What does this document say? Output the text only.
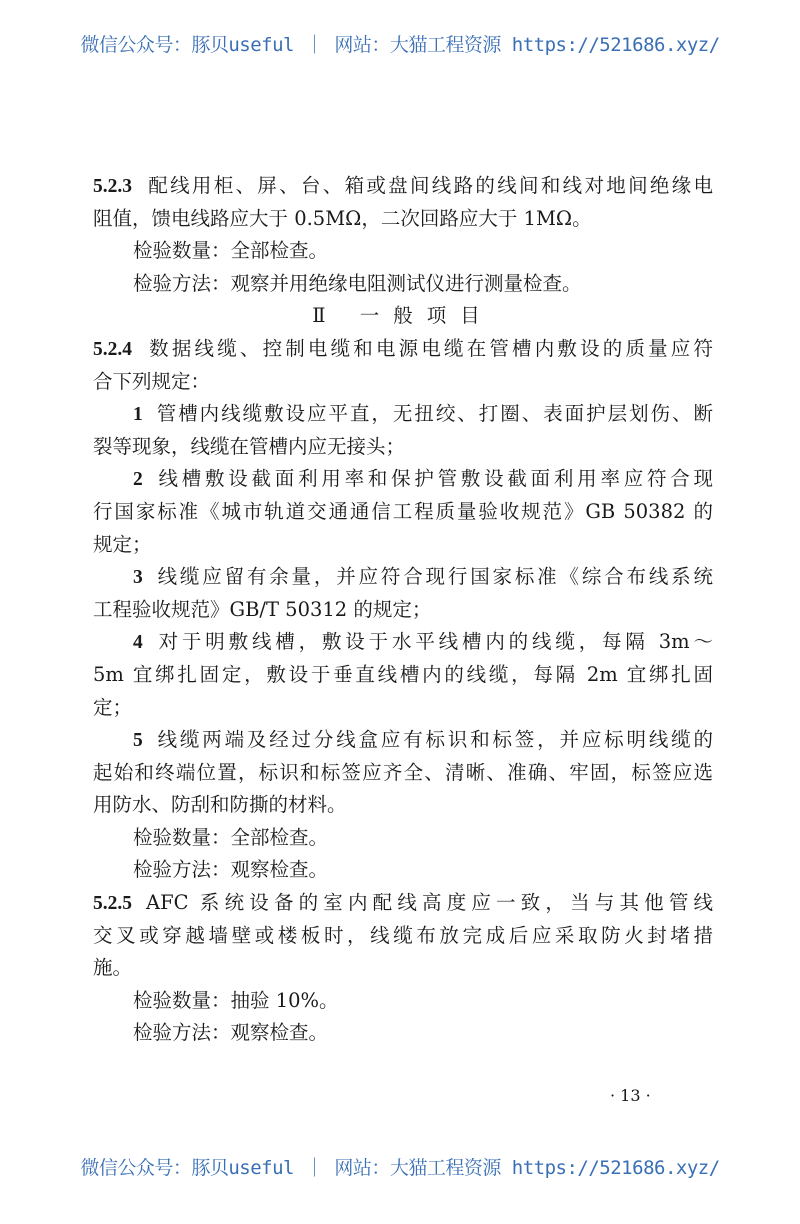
微信公众号：豚贝useful ｜ 网站：大猫工程资源 https://521686.xyz/
5.2.3 配线用柜、屏、台、箱或盘间线路的线间和线对地间绝缘电
阻值，馈电线路应大于 0.5MΩ，二次回路应大于 1MΩ。
检验数量：全部检查。
检验方法：观察并用绝缘电阻测试仪进行测量检查。
Ⅱ 一般项目
5.2.4 数据线缆、控制电缆和电源电缆在管槽内敷设的质量应符
合下列规定：
1 管槽内线缆敷设应平直，无扭绞、打圈、表面护层划伤、断
裂等现象，线缆在管槽内应无接头；
2 线槽敷设截面利用率和保护管敷设截面利用率应符合现
行国家标准《城市轨道交通通信工程质量验收规范》GB 50382 的
规定；
3 线缆应留有余量，并应符合现行国家标准《综合布线系统
工程验收规范》GB/T 50312 的规定；
4 对于明敷线槽，敷设于水平线槽内的线缆，每隔 3m～
5m 宜绑扎固定，敷设于垂直线槽内的线缆，每隔 2m 宜绑扎固
定；
5 线缆两端及经过分线盒应有标识和标签，并应标明线缆的
起始和终端位置，标识和标签应齐全、清晰、准确、牢固，标签应选
用防水、防刮和防撕的材料。
检验数量：全部检查。
检验方法：观察检查。
5.2.5 AFC 系统设备的室内配线高度应一致，当与其他管线
交叉或穿越墙壁或楼板时，线缆布放完成后应采取防火封堵措
施。
检验数量：抽验 10%。
检验方法：观察检查。
· 13 ·
微信公众号：豚贝useful ｜ 网站：大猫工程资源 https://521686.xyz/
